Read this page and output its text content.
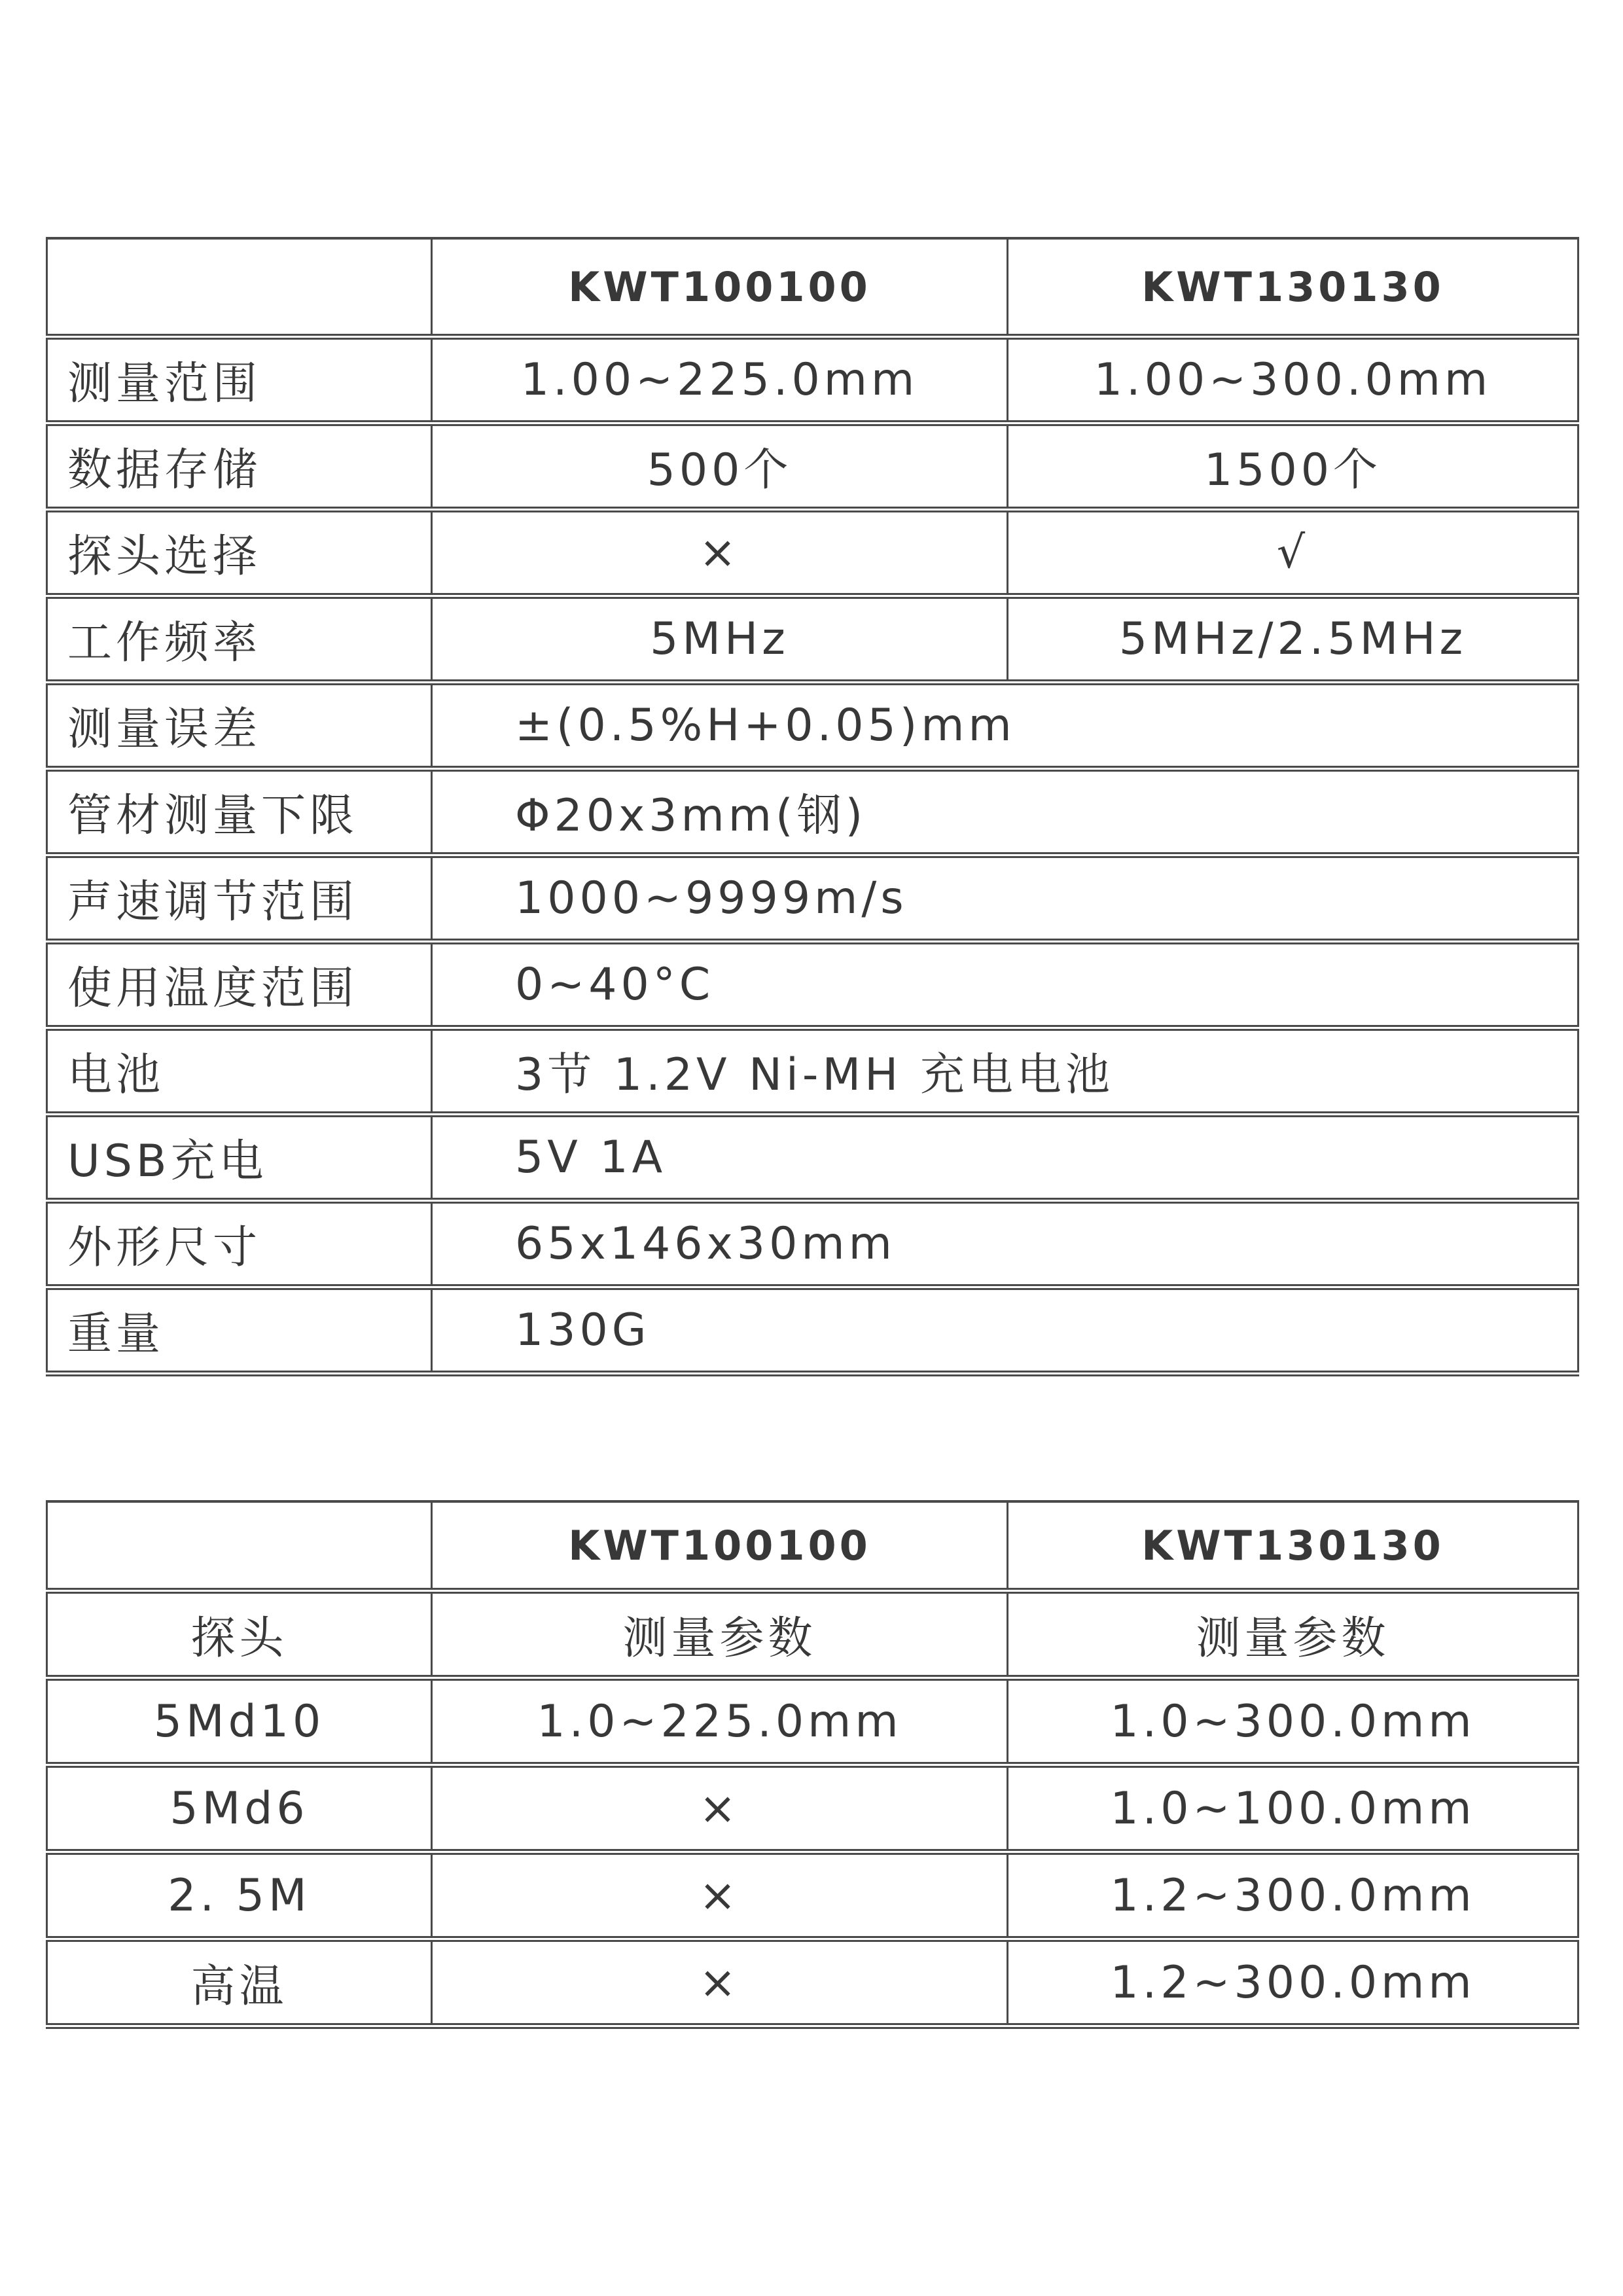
	KWT100100	KWT130130
测量范围	1.00~225.0mm	1.00~300.0mm
数据存储	500个	1500个
探头选择	×	√
工作频率	5MHz	5MHz/2.5MHz
测量误差	±(0.5%H+0.05)mm	
管材测量下限	Φ20x3mm(钢)	
声速调节范围	1000~9999m/s	
使用温度范围	0~40°C	
电池	3节 1.2V Ni-MH 充电电池	
USB充电	5V 1A	
外形尺寸	65x146x30mm	
重量	130G	
	KWT100100	KWT130130
探头	测量参数	测量参数
5Md10	1.0~225.0mm	1.0~300.0mm
5Md6	×	1.0~100.0mm
2. 5M	×	1.2~300.0mm
高温	×	1.2~300.0mm
